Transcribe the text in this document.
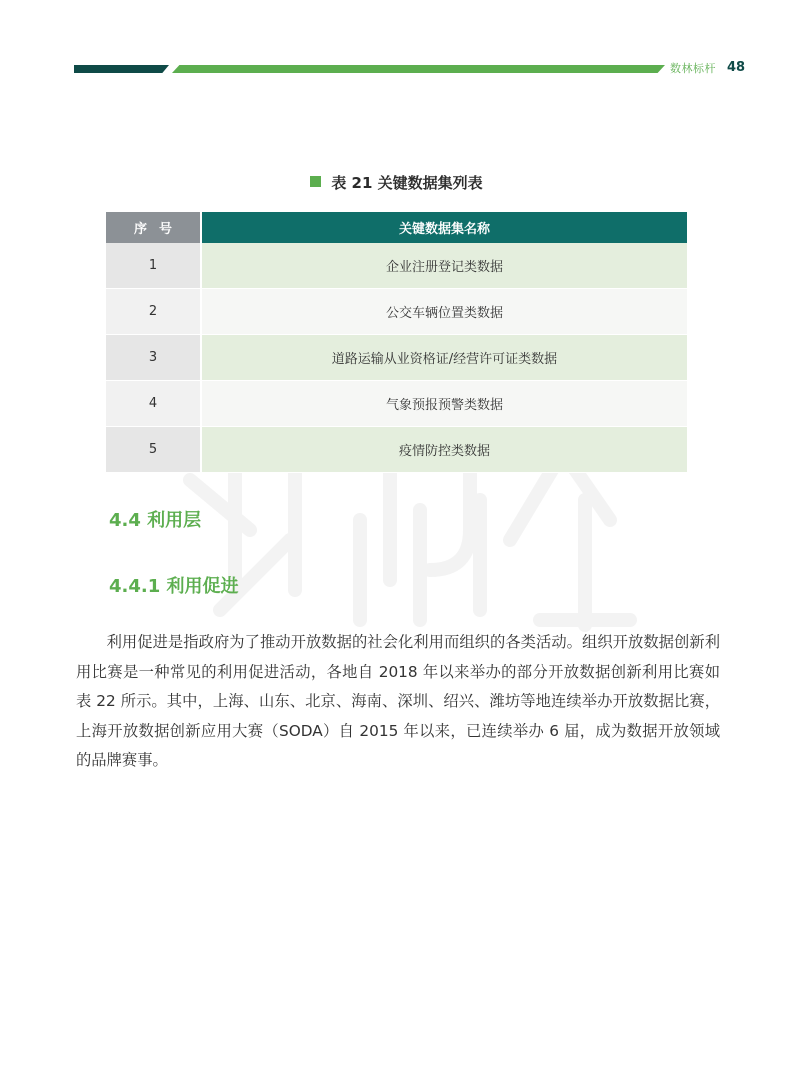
数林标杆 48
表 21 关键数据集列表
序号	关键数据集名称
1	企业注册登记类数据
2	公交车辆位置类数据
3	道路运输从业资格证/经营许可证类数据
4	气象预报预警类数据
5	疫情防控类数据
4.4 利用层
4.4.1 利用促进

利用促进是指政府为了推动开放数据的社会化利用而组织的各类活动。组织开放数据创新利用比赛是一种常见的利用促进活动，各地自 2018 年以来举办的部分开放数据创新利用比赛如表 22 所示。其中，上海、山东、北京、海南、深圳、绍兴、潍坊等地连续举办开放数据比赛，上海开放数据创新应用大赛（SODA）自 2015 年以来，已连续举办 6 届，成为数据开放领域的品牌赛事。
